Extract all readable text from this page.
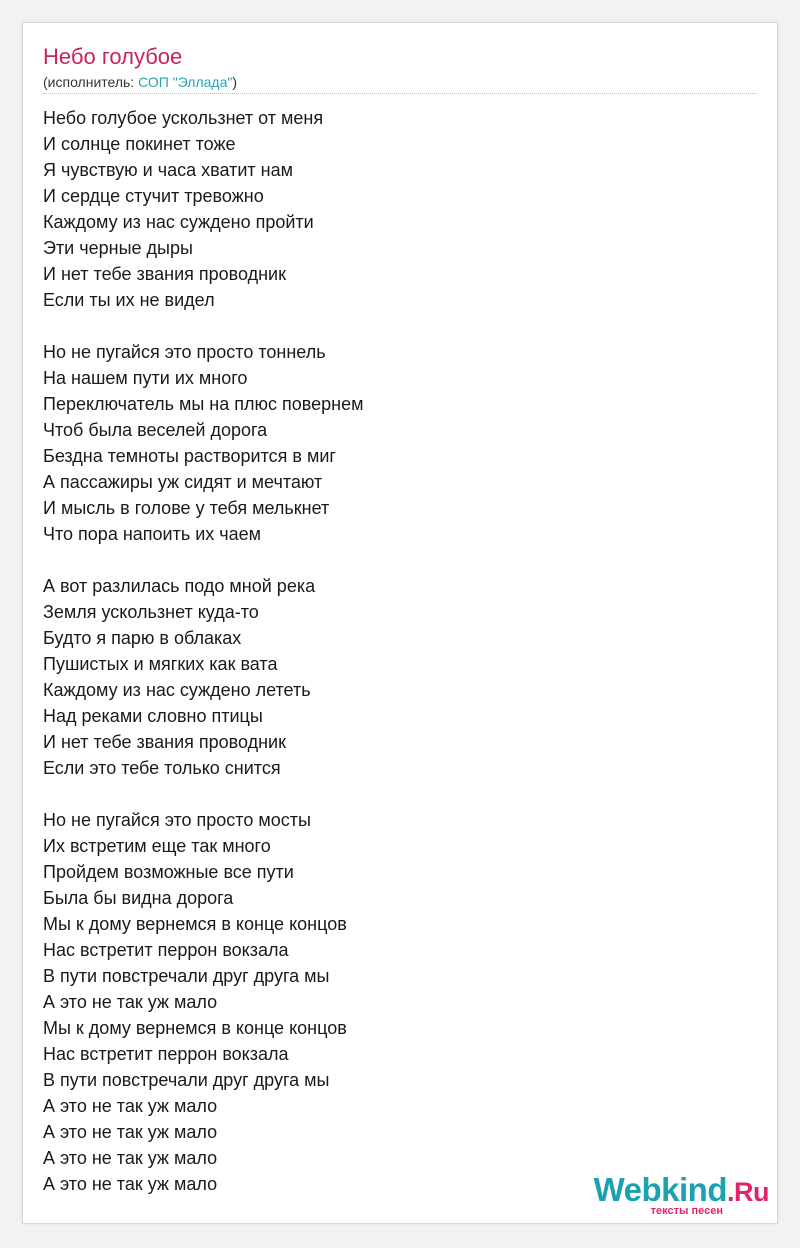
Небо голубое
(исполнитель: СОП "Эллада")
Небо голубое ускользнет от меня
И солнце покинет тоже
Я чувствую и часа хватит нам
И сердце стучит тревожно
Каждому из нас суждено пройти
Эти черные дыры
И нет тебе звания проводник
Если ты их не видел
Но не пугайся это просто тоннель
На нашем пути их много
Переключатель мы на плюс повернем
Чтоб была веселей дорога
Бездна темноты растворится в миг
А пассажиры уж сидят и мечтают
И мысль в голове у тебя мелькнет
Что пора напоить их чаем
А вот разлилась подо мной река
Земля ускользнет куда-то
Будто я парю в облаках
Пушистых и мягких как вата
Каждому из нас суждено лететь
Над реками словно птицы
И нет тебе звания проводник
Если это тебе только снится
Но не пугайся это просто мосты
Их встретим еще так много
Пройдем возможные все пути
Была бы видна дорога
Мы к дому вернемся в конце концов
Нас встретит перрон вокзала
В пути повстречали друг друга мы
А это не так уж мало
Мы к дому вернемся в конце концов
Нас встретит перрон вокзала
В пути повстречали друг друга мы
А это не так уж мало
А это не так уж мало
А это не так уж мало
А это не так уж мало	Webkind.Ru
тексты песен
